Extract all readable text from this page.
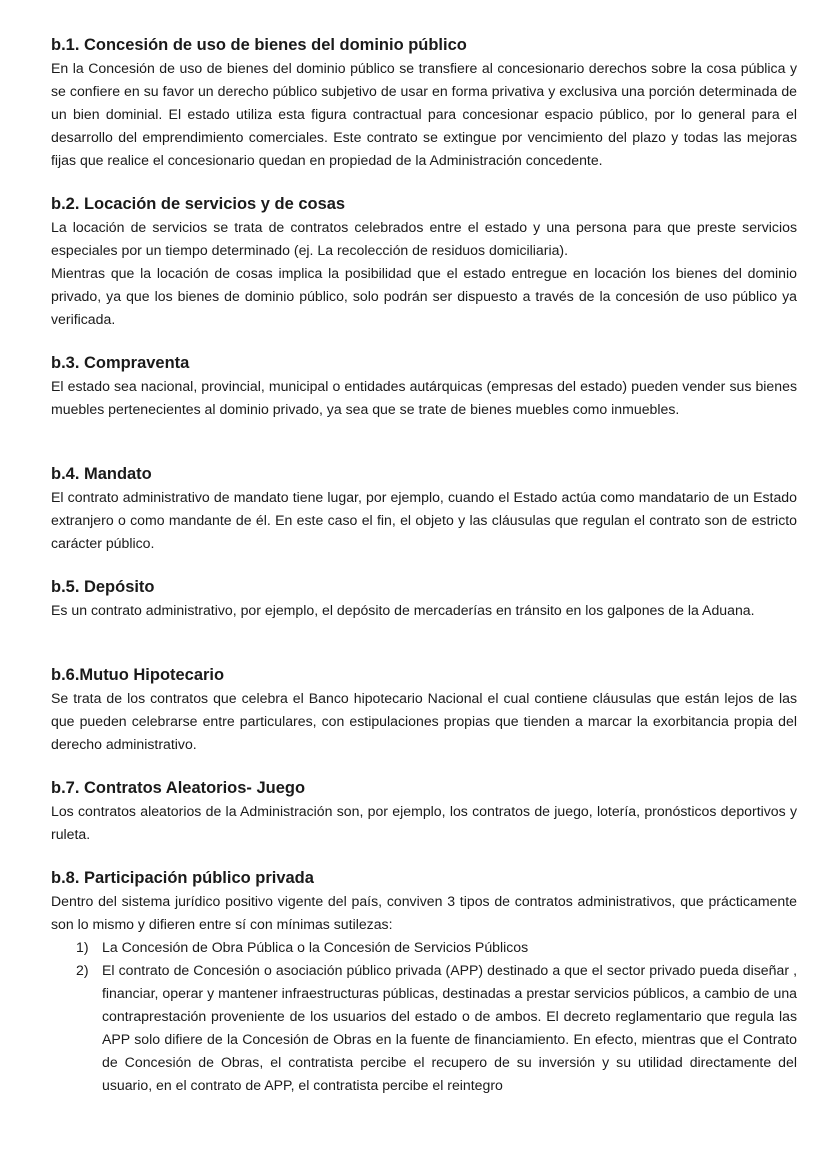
b.1. Concesión de uso de bienes del dominio público

En la Concesión de uso de bienes del dominio público se transfiere al concesionario derechos sobre la cosa pública y se confiere en su favor un derecho público subjetivo de usar en forma privativa y exclusiva una porción determinada de un bien dominial. El estado utiliza esta figura contractual para concesionar espacio público, por lo general para el desarrollo del emprendimiento comerciales. Este contrato se extingue por vencimiento del plazo y todas las mejoras fijas que realice el concesionario quedan en propiedad de la Administración concedente.

b.2. Locación de servicios y de cosas

La locación de servicios se trata de contratos celebrados entre el estado y una persona para que preste servicios especiales por un tiempo determinado (ej. La recolección de residuos domiciliaria).

Mientras que la locación de cosas implica la posibilidad que el estado entregue en locación los bienes del dominio privado, ya que los bienes de dominio público, solo podrán ser dispuesto a través de la concesión de uso público ya verificada.

b.3. Compraventa

El estado sea nacional, provincial, municipal o entidades autárquicas (empresas del estado) pueden vender sus bienes muebles pertenecientes al dominio privado, ya sea que se trate de bienes muebles como inmuebles.

b.4. Mandato

El contrato administrativo de mandato tiene lugar, por ejemplo, cuando el Estado actúa como mandatario de un Estado extranjero o como mandante de él. En este caso el fin, el objeto y las cláusulas que regulan el contrato son de estricto carácter público.

b.5. Depósito

Es un contrato administrativo, por ejemplo, el depósito de mercaderías en tránsito en los galpones de la Aduana.

b.6.Mutuo Hipotecario

Se trata de los contratos que celebra el Banco hipotecario Nacional el cual contiene cláusulas que están lejos de las que pueden celebrarse entre particulares, con estipulaciones propias que tienden a marcar la exorbitancia propia del derecho administrativo.

b.7. Contratos Aleatorios- Juego

Los contratos aleatorios de la Administración son, por ejemplo, los contratos de juego, lotería, pronósticos deportivos y ruleta.

b.8. Participación público privada

Dentro del sistema jurídico positivo vigente del país, conviven 3 tipos de contratos administrativos, que prácticamente son lo mismo y difieren entre sí con mínimas sutilezas:

1) La Concesión de Obra Pública o la Concesión de Servicios Públicos
2) El contrato de Concesión o asociación público privada (APP) destinado a que el sector privado pueda diseñar , financiar, operar y mantener infraestructuras públicas, destinadas a prestar servicios públicos, a cambio de una contraprestación proveniente de los usuarios del estado o de ambos. El decreto reglamentario que regula las APP solo difiere de la Concesión de Obras en la fuente de financiamiento. En efecto, mientras que el Contrato de Concesión de Obras, el contratista percibe el recupero de su inversión y su utilidad directamente del usuario, en el contrato de APP, el contratista percibe el reintegro
